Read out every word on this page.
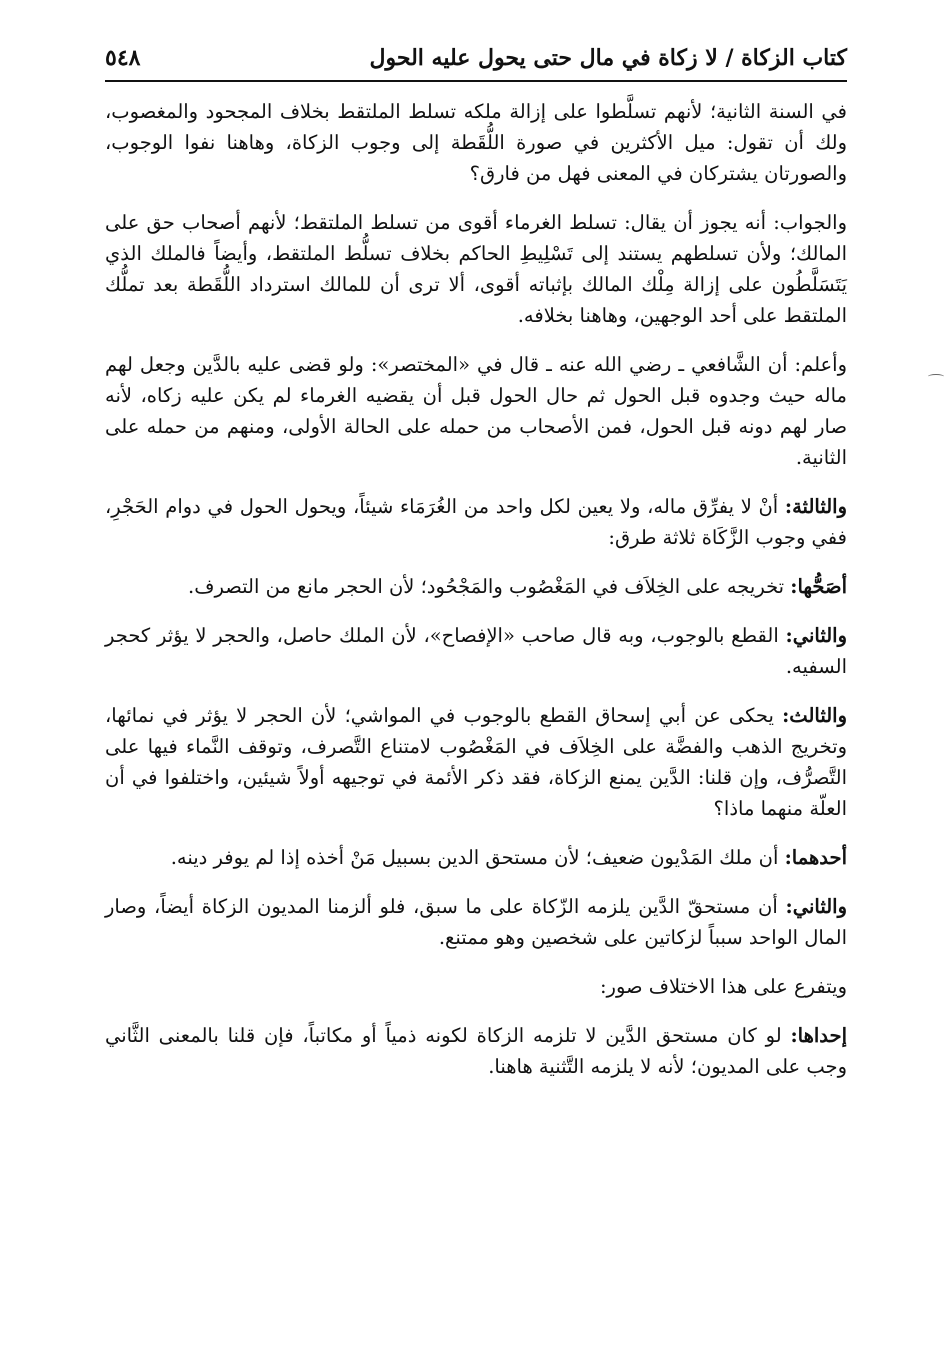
كتاب الزكاة / لا زكاة في مال حتى يحول عليه الحول
٥٤٨

في السنة الثانية؛ لأنهم تسلَّطوا على إزالة ملكه تسلط الملتقط بخلاف المجحود والمغصوب، ولك أن تقول: ميل الأكثرين في صورة اللُّقَطة إلى وجوب الزكاة، وهاهنا نفوا الوجوب، والصورتان يشتركان في المعنى فهل من فارق؟

والجواب: أنه يجوز أن يقال: تسلط الغرماء أقوى من تسلط الملتقط؛ لأنهم أصحاب حق على المالك؛ ولأن تسلطهم يستند إلى تَسْلِيطِ الحاكم بخلاف تسلُّط الملتقط، وأيضاً فالملك الذي يَتَسَلَّطُون على إزالة مِلْك المالك بإثباته أقوى، ألا ترى أن للمالك استرداد اللُّقَطة بعد تملُّك الملتقط على أحد الوجهين، وهاهنا بخلافه.

وأعلم: أن الشَّافعي ـ رضي الله عنه ـ قال في «المختصر»: ولو قضى عليه بالدَّين وجعل لهم ماله حيث وجدوه قبل الحول ثم حال الحول قبل أن يقضيه الغرماء لم يكن عليه زكاه، لأنه صار لهم دونه قبل الحول، فمن الأصحاب من حمله على الحالة الأولى، ومنهم من حمله على الثانية.

والثالثة: أنْ لا يفرِّق ماله، ولا يعين لكل واحد من الغُرَمَاء شيئاً، ويحول الحول في دوام الحَجْرِ، ففي وجوب الزَّكَاة ثلاثة طرق:

أصَحُّها: تخريجه على الخِلاَف في المَغْصُوب والمَجْحُود؛ لأن الحجر مانع من التصرف.

والثاني: القطع بالوجوب، وبه قال صاحب «الإفصاح»، لأن الملك حاصل، والحجر لا يؤثر كحجر السفيه.

والثالث: يحكى عن أبي إسحاق القطع بالوجوب في المواشي؛ لأن الحجر لا يؤثر في نمائها، وتخريج الذهب والفضَّة على الخِلاَف في المَغْصُوب لامتناع التَّصرف، وتوقف النَّماء فيها على التَّصرُّف، وإن قلنا: الدَّين يمنع الزكاة، فقد ذكر الأئمة في توجيهه أولاً شيئين، واختلفوا في أن العلّة منهما ماذا؟

أحدهما: أن ملك المَدْيون ضعيف؛ لأن مستحق الدين بسبيل مَنْ أخذه إذا لم يوفر دينه.

والثاني: أن مستحقّ الدَّين يلزمه الزّكاة على ما سبق، فلو ألزمنا المديون الزكاة أيضاً، وصار المال الواحد سبباً لزكاتين على شخصين وهو ممتنع.

ويتفرع على هذا الاختلاف صور:

إحداها: لو كان مستحق الدَّين لا تلزمه الزكاة لكونه ذمياً أو مكاتباً، فإن قلنا بالمعنى الثَّاني وجب على المديون؛ لأنه لا يلزمه التَّثنية هاهنا.
